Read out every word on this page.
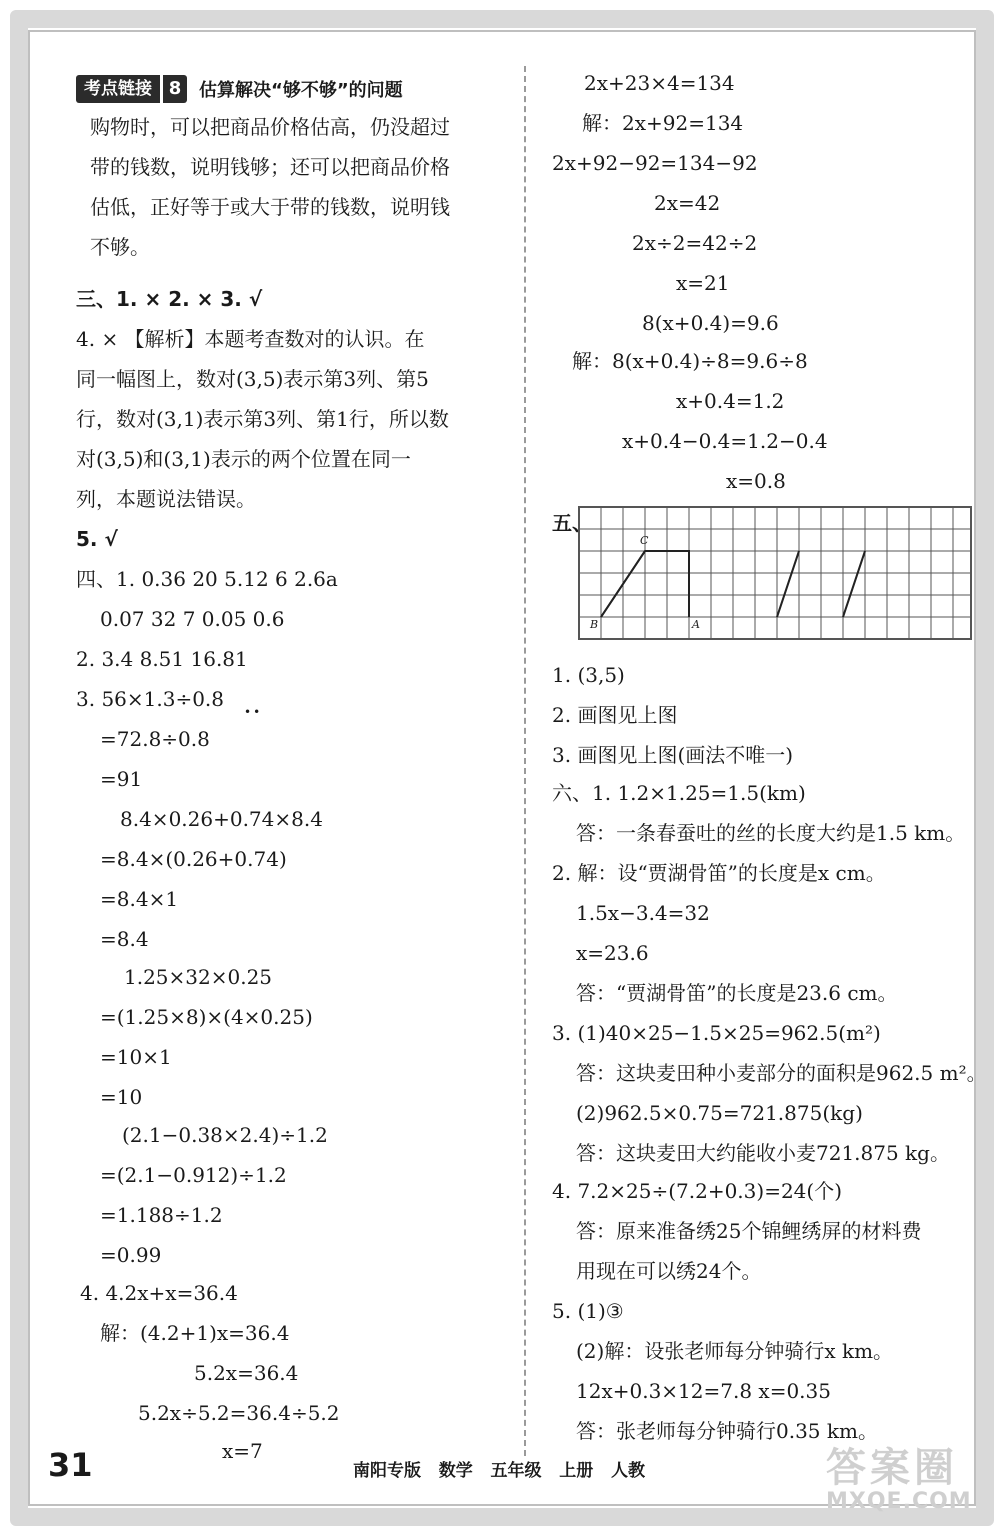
考点链接 8 估算解决“够不够”的问题
购物时，可以把商品价格估高，仍没超过
带的钱数，说明钱够；还可以把商品价格
估低，正好等于或大于带的钱数，说明钱
不够。
三、1. × 2. × 3. √
4. × 【解析】本题考查数对的认识。在
同一幅图上，数对(3,5)表示第3列、第5
行，数对(3,1)表示第3列、第1行，所以数
对(3,5)和(3,1)表示的两个位置在同一
列，本题说法错误。
5. √
四、1. 0.36 20 5.12 6 2.6a
0.07 32 7 0.05 0.6
2. 3.4 8.51 16.81
••
3. 56×1.3÷0.8
=72.8÷0.8
=91
8.4×0.26+0.74×8.4
=8.4×(0.26+0.74)
=8.4×1
=8.4
1.25×32×0.25
=(1.25×8)×(4×0.25)
=10×1
=10
(2.1−0.38×2.4)÷1.2
=(2.1−0.912)÷1.2
=1.188÷1.2
=0.99
4. 4.2x+x=36.4
解：(4.2+1)x=36.4
5.2x=36.4
5.2x÷5.2=36.4÷5.2
x=7
2x+23×4=134
解：2x+92=134
2x+92−92=134−92
2x=42
2x÷2=42÷2
x=21
8(x+0.4)=9.6
解：8(x+0.4)÷8=9.6÷8
x+0.4=1.2
x+0.4−0.4=1.2−0.4
x=0.8
五、
C
B	A
1. (3,5)
2. 画图见上图
3. 画图见上图(画法不唯一)
六、1. 1.2×1.25=1.5(km)
答：一条春蚕吐的丝的长度大约是1.5 km。
2. 解：设“贾湖骨笛”的长度是x cm。
1.5x−3.4=32
x=23.6
答：“贾湖骨笛”的长度是23.6 cm。
3. (1)40×25−1.5×25=962.5(m²)
答：这块麦田种小麦部分的面积是962.5 m²。
(2)962.5×0.75=721.875(kg)
答：这块麦田大约能收小麦721.875 kg。
4. 7.2×25÷(7.2+0.3)=24(个)
答：原来准备绣25个锦鲤绣屏的材料费
用现在可以绣24个。
5. (1)③
(2)解：设张老师每分钟骑行x km。
12x+0.3×12=7.8 x=0.35
答：张老师每分钟骑行0.35 km。
31	南阳专版   数学   五年级   上册   人教	答案圈
MXQE.COM
